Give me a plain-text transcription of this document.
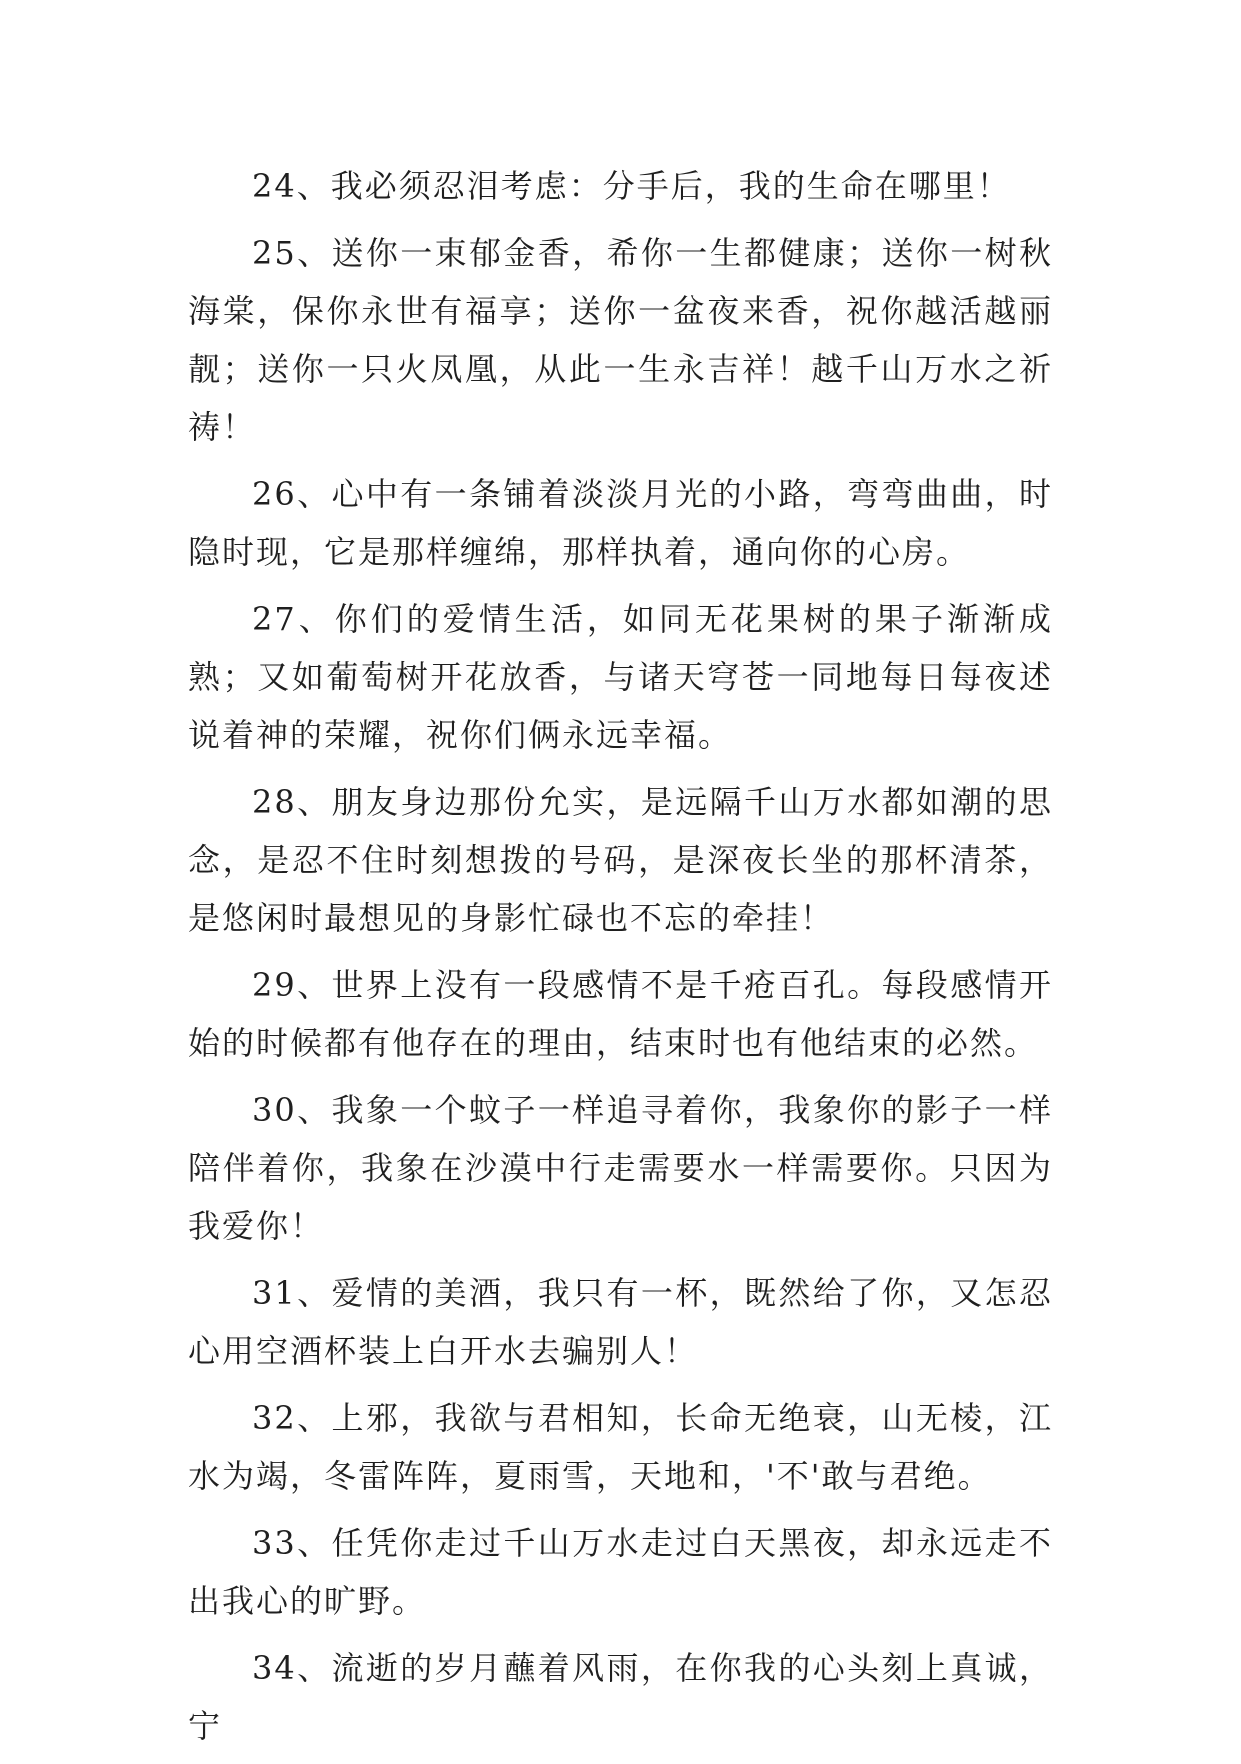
24、我必须忍泪考虑：分手后，我的生命在哪里！

25、送你一束郁金香，希你一生都健康；送你一树秋海棠，保你永世有福享；送你一盆夜来香，祝你越活越丽靓；送你一只火凤凰，从此一生永吉祥！越千山万水之祈祷！

26、心中有一条铺着淡淡月光的小路，弯弯曲曲，时隐时现，它是那样缠绵，那样执着，通向你的心房。

27、你们的爱情生活，如同无花果树的果子渐渐成熟；又如葡萄树开花放香，与诸天穹苍一同地每日每夜述说着神的荣耀，祝你们俩永远幸福。

28、朋友身边那份允实，是远隔千山万水都如潮的思念，是忍不住时刻想拨的号码，是深夜长坐的那杯清茶，是悠闲时最想见的身影忙碌也不忘的牵挂！

29、世界上没有一段感情不是千疮百孔。每段感情开始的时候都有他存在的理由，结束时也有他结束的必然。

30、我象一个蚊子一样追寻着你，我象你的影子一样陪伴着你，我象在沙漠中行走需要水一样需要你。只因为我爱你！

31、爱情的美酒，我只有一杯，既然给了你，又怎忍心用空酒杯装上白开水去骗别人！

32、上邪，我欲与君相知，长命无绝衰，山无棱，江水为竭，冬雷阵阵，夏雨雪，天地和，'不'敢与君绝。

33、任凭你走过千山万水走过白天黑夜，却永远走不出我心的旷野。

34、流逝的岁月蘸着风雨，在你我的心头刻上真诚，宁
